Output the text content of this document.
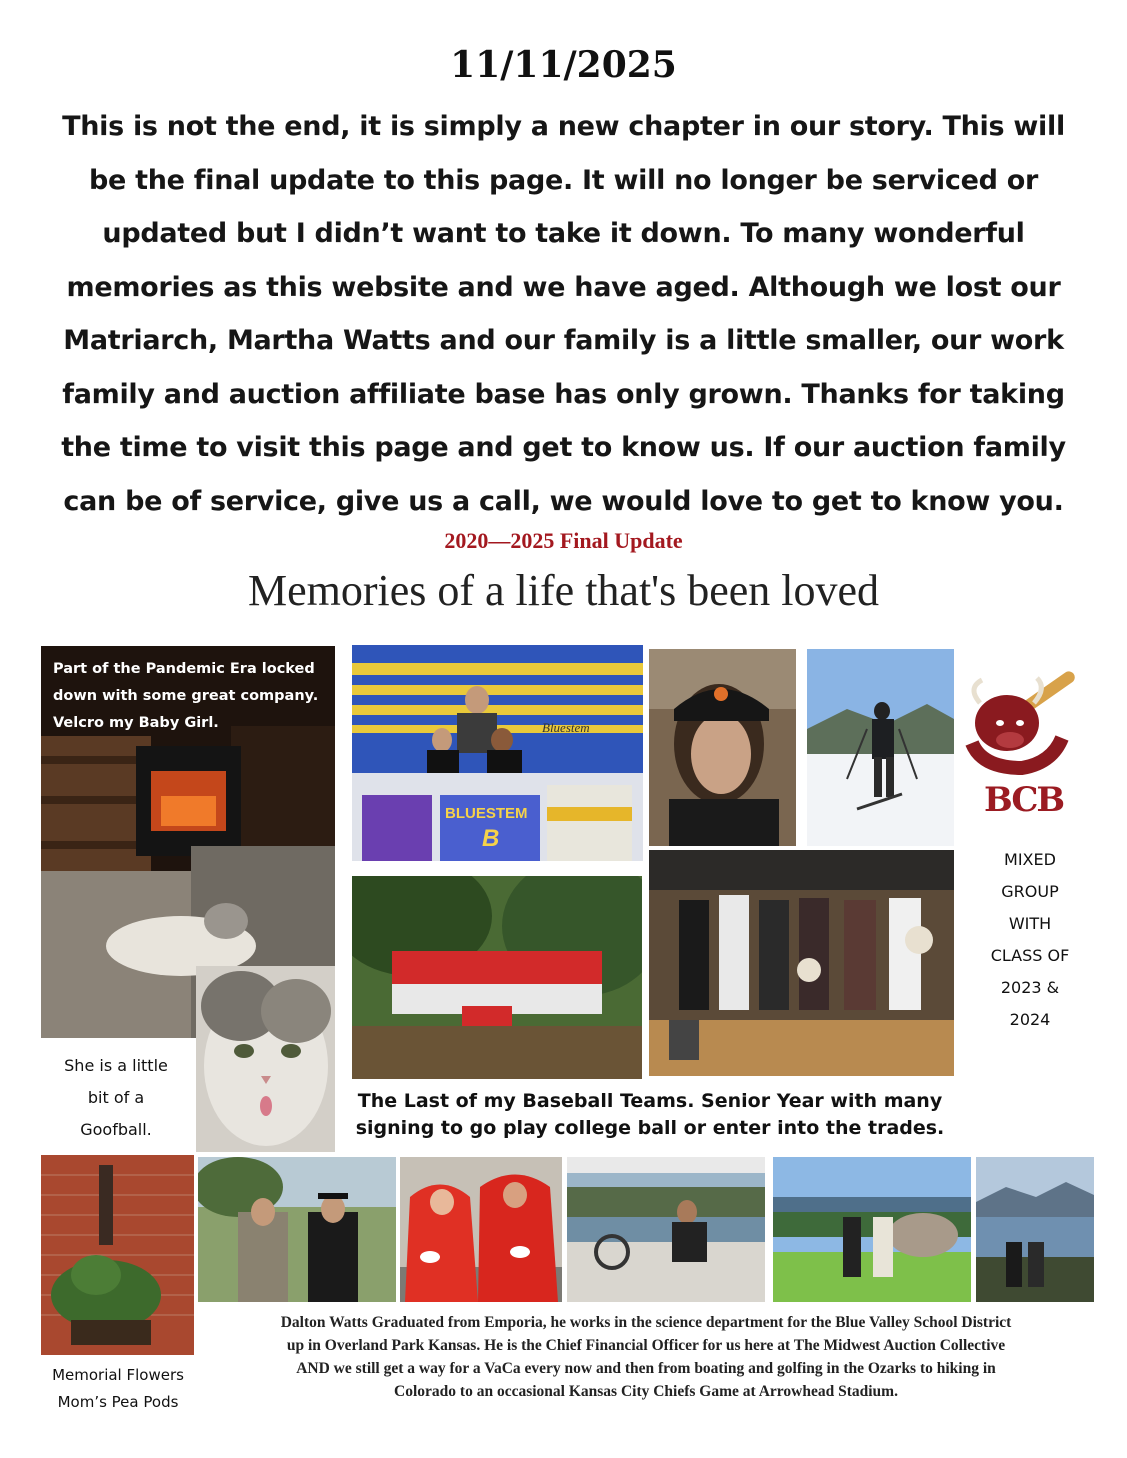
11/11/2025
This is not the end, it is simply a new chapter in our story. This will
be the final update to this page. It will no longer be serviced or
updated but I didn’t want to take it down. To many wonderful
memories as this website and we have aged. Although we lost our
Matriarch, Martha Watts and our family is a little smaller, our work
family and auction affiliate base has only grown. Thanks for taking
the time to visit this page and get to know us. If our auction family
can be of service, give us a call, we would love to get to know you.
2020—2025 Final Update
Memories of a life that's been loved
Part of the Pandemic Era locked
down with some great company.
Velcro my Baby Girl.
She is a little
bit of a
Goofball.
Bluestem
BLUESTEM
B
BCB
MIXED
GROUP
WITH
CLASS OF
2023 &
2024
The Last of my Baseball Teams. Senior Year with many
signing to go play college ball or enter into the trades.
Memorial Flowers
Mom’s Pea Pods
Dalton Watts Graduated from Emporia, he works in the science department for the Blue Valley School District
up in Overland Park Kansas. He is the Chief Financial Officer for us here at The Midwest Auction Collective
AND we still get a way for a VaCa every now and then from boating and golfing in the Ozarks to hiking in
Colorado to an occasional Kansas City Chiefs Game at Arrowhead Stadium.
